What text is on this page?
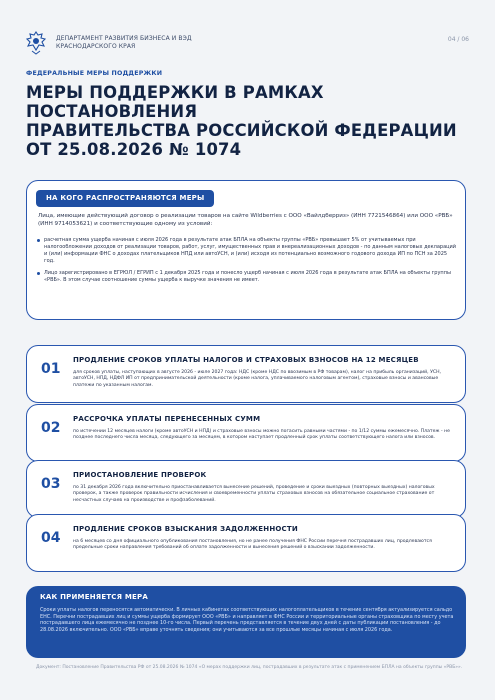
ДЕПАРТАМЕНТ РАЗВИТИЯ БИЗНЕСА И ВЭД
КРАСНОДАРСКОГО КРАЯ
04 / 06
ФЕДЕРАЛЬНЫЕ МЕРЫ ПОДДЕРЖКИ
МЕРЫ ПОДДЕРЖКИ В РАМКАХ ПОСТАНОВЛЕНИЯ
ПРАВИТЕЛЬСТВА РОССИЙСКОЙ ФЕДЕРАЦИИ
ОТ 25.08.2026 № 1074
НА КОГО РАСПРОСТРАНЯЮТСЯ МЕРЫ
Лица, имеющие действующий договор о реализации товаров на сайте Wildberries с ООО «Вайлдберриз» (ИНН 7721546864) или ООО «РВБ» (ИНН 9714053621) и соответствующие одному из условий:
расчетная сумма ущерба начиная с июля 2026 года в результате атак БПЛА на объекты группы «РВБ» превышает 5% от учитываемых при налогообложении доходов от реализации товаров, работ, услуг, имущественных прав и внереализационных доходов - по данным налоговых деклараций и (или) информации ФНС о доходах плательщиков НПД или автоУСН, и (или) исходя из потенциально возможного годового дохода ИП по ПСН за 2025 год.
Лицо зарегистрировано в ЕГРЮЛ / ЕГРИП с 1 декабря 2025 года и понесло ущерб начиная с июля 2026 года в результате атак БПЛА на объекты группы «РВБ». В этом случае соотношение суммы ущерба к выручке значения не имеет.
01
ПРОДЛЕНИЕ СРОКОВ УПЛАТЫ НАЛОГОВ И СТРАХОВЫХ ВЗНОСОВ НА 12 МЕСЯЦЕВ
для сроков уплаты, наступающих в августе 2026 - июле 2027 года: НДС (кроме НДС по ввозимым в РФ товарам), налог на прибыль организаций, УСН, автоУСН, НПД, НДФЛ ИП от предпринимательской деятельности (кроме налога, уплачиваемого налоговым агентом), страховые взносы и авансовые платежи по указанным налогам.
02
РАССРОЧКА УПЛАТЫ ПЕРЕНЕСЕННЫХ СУММ
по истечении 12 месяцев налоги (кроме автоУСН и НПД) и страховые взносы можно погасить равными частями - по 1/12 суммы ежемесячно. Платеж - не позднее последнего числа месяца, следующего за месяцем, в котором наступает продленный срок уплаты соответствующего налога или взносов.
03
ПРИОСТАНОВЛЕНИЕ ПРОВЕРОК
по 31 декабря 2026 года включительно приостанавливается вынесение решений, проведение и сроки выездных (повторных выездных) налоговых проверок, а также проверок правильности исчисления и своевременности уплаты страховых взносов на обязательное социальное страхование от несчастных случаев на производстве и профзаболеваний.
04
ПРОДЛЕНИЕ СРОКОВ ВЗЫСКАНИЯ ЗАДОЛЖЕННОСТИ
на 6 месяцев со дня официального опубликования постановления, но не ранее получения ФНС России перечня пострадавших лиц, продлеваются предельные сроки направления требований об оплате задолженности и вынесения решений о взыскании задолженности.
КАК ПРИМЕНЯЕТСЯ МЕРА
Сроки уплаты налогов переносятся автоматически. В личных кабинетах соответствующих налогоплательщиков в течение сентября актуализируется сальдо ЕНС. Перечни пострадавших лиц и суммы ущерба формирует ООО «РВБ» и направляет в ФНС России и территориальные органы страховщика по месту учета пострадавшего лица ежемесячно не позднее 10-го числа. Первый перечень представляется в течение двух дней с даты публикации постановления - до 28.08.2026 включительно. ООО «РВБ» вправе уточнять сведения; они учитываются за все прошлые месяцы начиная с июля 2026 года.
Документ: Постановление Правительства РФ от 25.08.2026 № 1074 «О мерах поддержки лиц, пострадавших в результате атак с применением БПЛА на объекты группы «РВБ»».
